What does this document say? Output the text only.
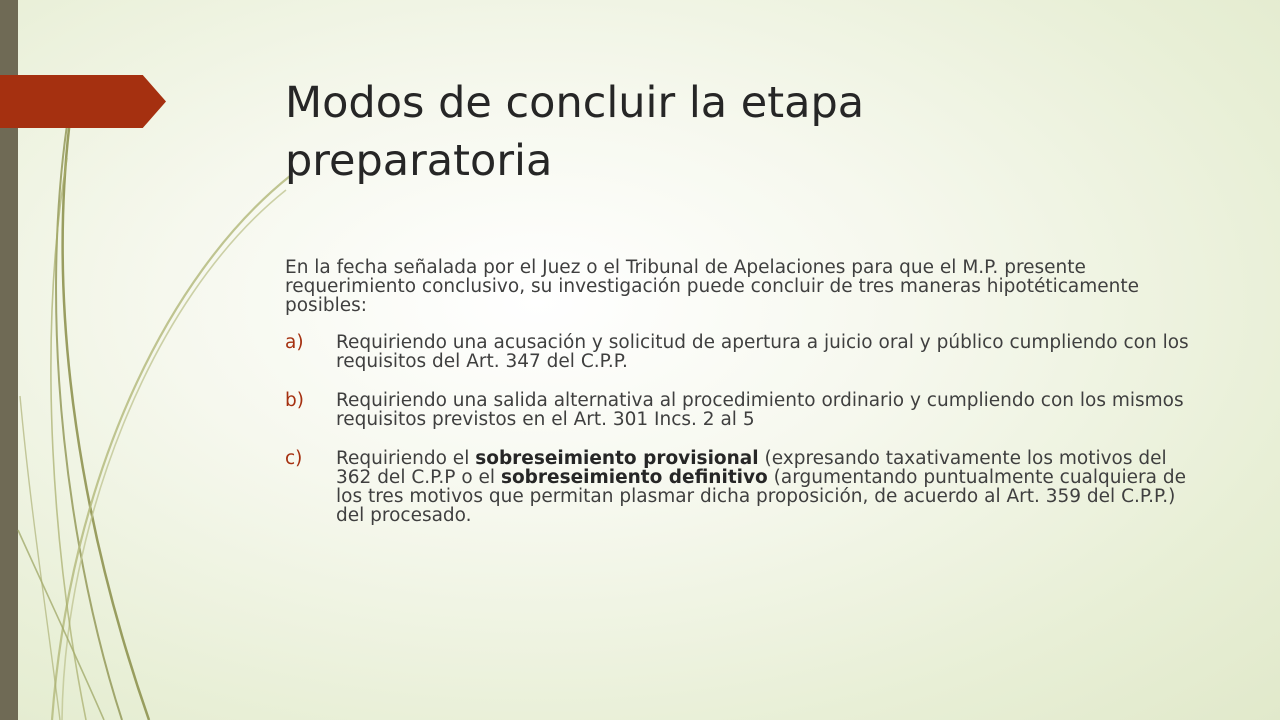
Modos de concluir la etapa preparatoria

En la fecha señalada por el Juez o el Tribunal de Apelaciones para que el M.P. presente requerimiento conclusivo, su investigación puede concluir de tres maneras hipotéticamente posibles:

a) Requiriendo una acusación y solicitud de apertura a juicio oral y público cumpliendo con los requisitos del Art. 347 del C.P.P.
b) Requiriendo una salida alternativa al procedimiento ordinario y cumpliendo con los mismos requisitos previstos en el Art. 301 Incs. 2 al 5
c) Requiriendo el sobreseimiento provisional (expresando taxativamente los motivos del 362 del C.P.P o el sobreseimiento definitivo (argumentando puntualmente cualquiera de los tres motivos que permitan plasmar dicha proposición, de acuerdo al Art. 359 del C.P.P.) del procesado.
